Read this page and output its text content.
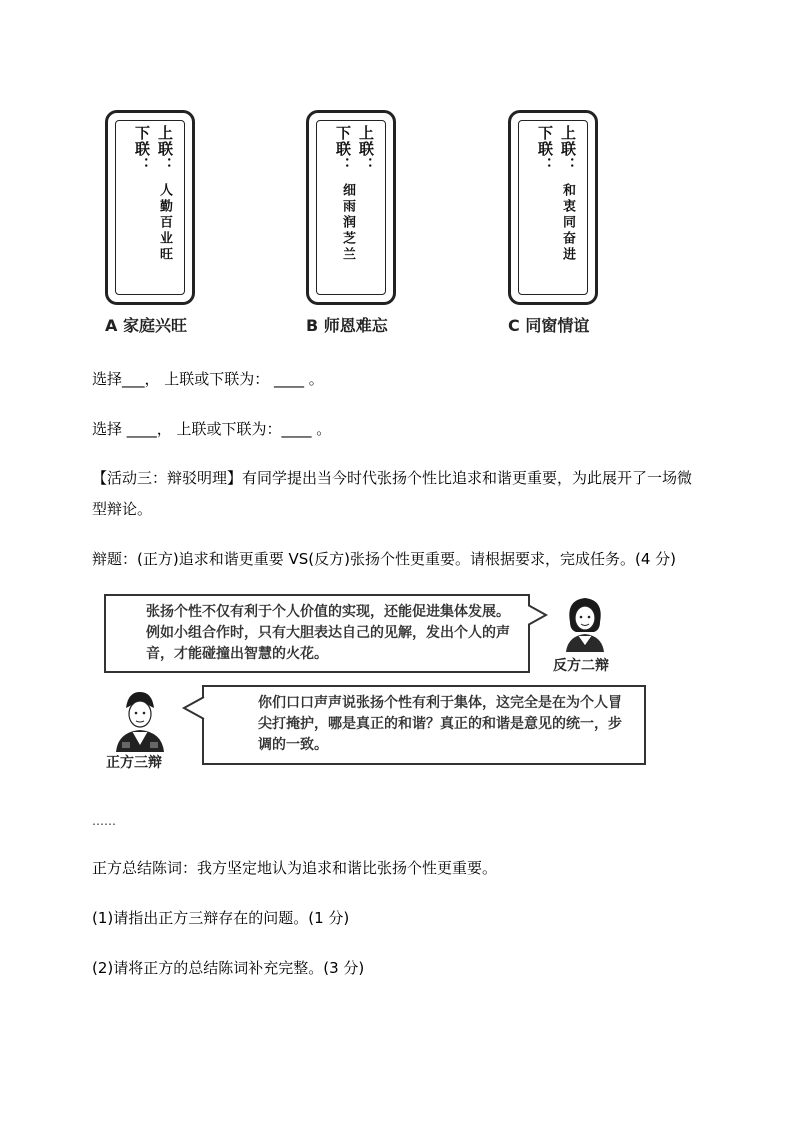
上联：
下联：
人勤百业旺
A 家庭兴旺
上联：
下联：
细雨润芝兰
B 师恩难忘
上联：
下联：
和衷同奋进
C 同窗情谊
选择___， 上联或下联为： ____ 。
选择 ____， 上联或下联为：____ 。
【活动三：辩驳明理】有同学提出当今时代张扬个性比追求和谐更重要，为此展开了一场微
型辩论。
辩题：(正方)追求和谐更重要 VS(反方)张扬个性更重要。请根据要求，完成任务。(4 分)
张扬个性不仅有利于个人价值的实现，还能促进集体发展。例如小组合作时，只有大胆表达自己的见解，发出个人的声音，才能碰撞出智慧的火花。
反方二辩
你们口口声声说张扬个性有利于集体，这完全是在为个人冒尖打掩护，哪是真正的和谐？真正的和谐是意见的统一，步调的一致。
正方三辩
……
正方总结陈词：我方坚定地认为追求和谐比张扬个性更重要。
(1)请指出正方三辩存在的问题。(1 分)
(2)请将正方的总结陈词补充完整。(3 分)
